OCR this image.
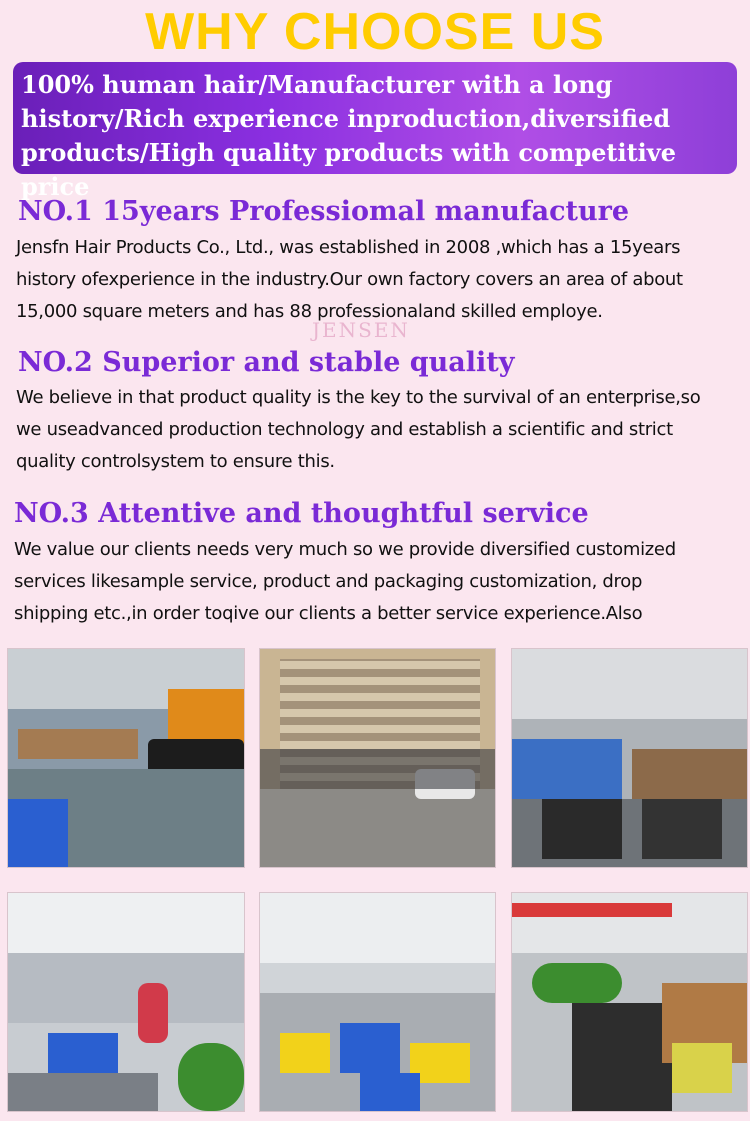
WHY CHOOSE US
100% human hair/Manufacturer with a long
history/Rich experience inproduction,diversified
products/High quality products with competitive price
NO.1 15years Professiomal manufacture
Jensfn Hair Products Co., Ltd., was established in 2008 ,which has a 15years
history ofexperience in the industry.Our own factory covers an area of about
15,000 square meters and has 88 professionaland skilled employe.
JENSEN
NO.2 Superior and stable quality
We believe in that product quality is the key to the survival of an enterprise,so
we useadvanced production technology and establish a scientific and strict
quality controlsystem to ensure this.
NO.3 Attentive and thoughtful service
We value our clients needs very much so we provide diversified customized
services likesample service, product and packaging customization, drop
shipping etc.,in order toqive our clients a better service experience.Also
